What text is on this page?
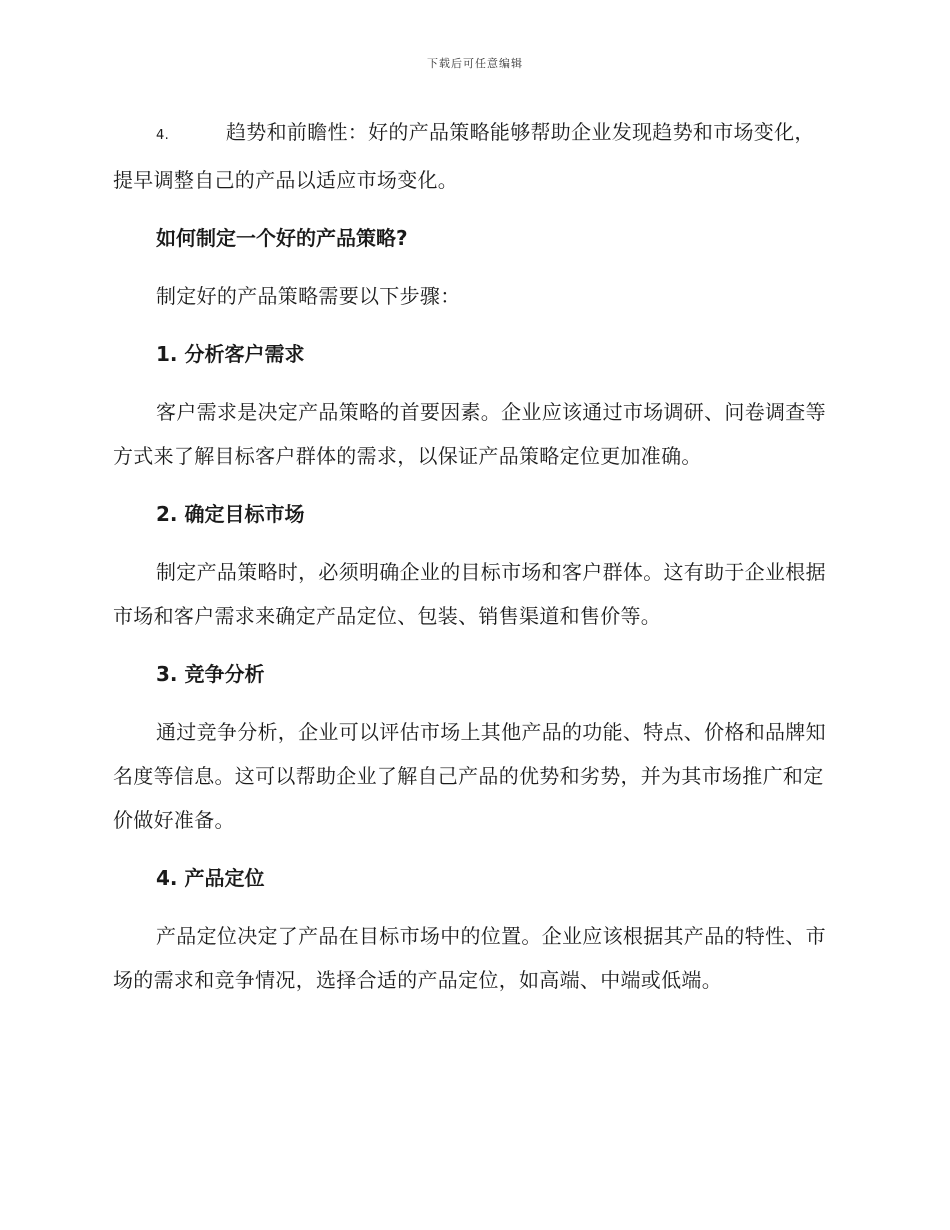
下载后可任意编辑

4.	趋势和前瞻性：好的产品策略能够帮助企业发现趋势和市场变化，提早调整自己的产品以适应市场变化。

如何制定一个好的产品策略?

制定好的产品策略需要以下步骤：

1. 分析客户需求

客户需求是决定产品策略的首要因素。企业应该通过市场调研、问卷调查等方式来了解目标客户群体的需求，以保证产品策略定位更加准确。

2. 确定目标市场

制定产品策略时，必须明确企业的目标市场和客户群体。这有助于企业根据市场和客户需求来确定产品定位、包装、销售渠道和售价等。

3. 竞争分析

通过竞争分析，企业可以评估市场上其他产品的功能、特点、价格和品牌知名度等信息。这可以帮助企业了解自己产品的优势和劣势，并为其市场推广和定价做好准备。

4. 产品定位

产品定位决定了产品在目标市场中的位置。企业应该根据其产品的特性、市场的需求和竞争情况，选择合适的产品定位，如高端、中端或低端。
